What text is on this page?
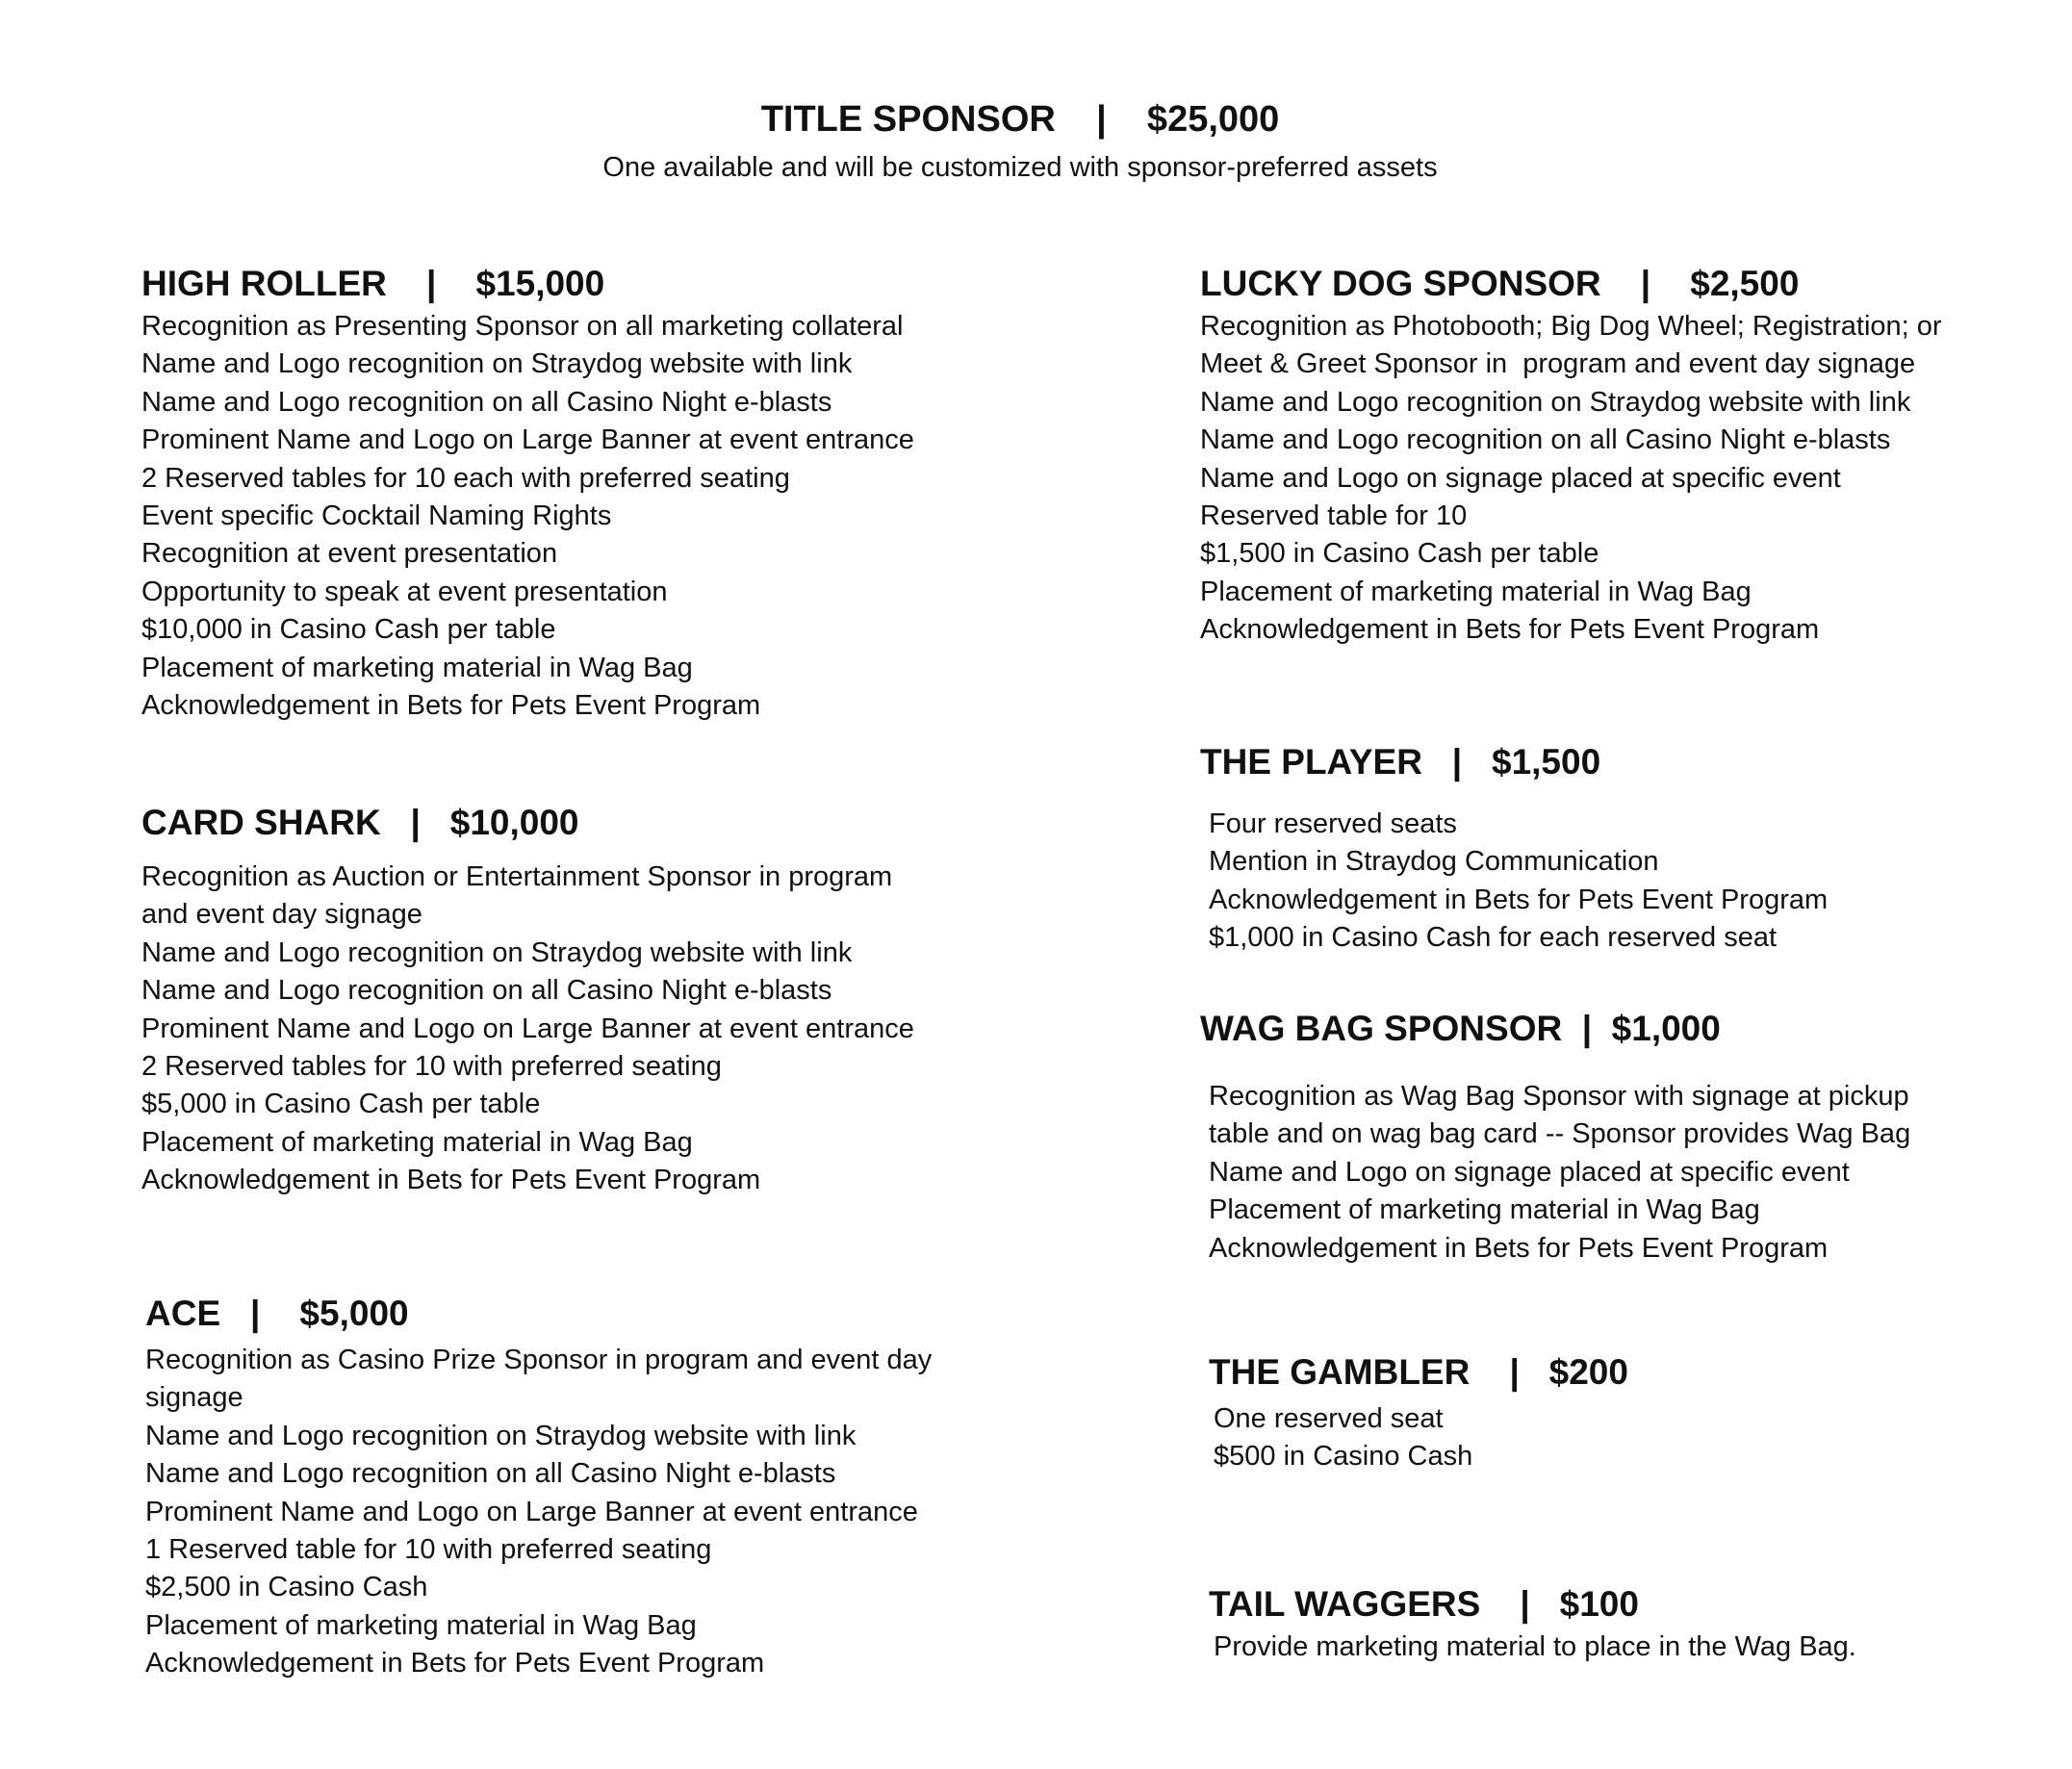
TITLE SPONSOR    |    $25,000
One available and will be customized with sponsor-preferred assets
HIGH ROLLER    |    $15,000
Recognition as Presenting Sponsor on all marketing collateral
Name and Logo recognition on Straydog website with link
Name and Logo recognition on all Casino Night e-blasts
Prominent Name and Logo on Large Banner at event entrance
2 Reserved tables for 10 each with preferred seating
Event specific Cocktail Naming Rights
Recognition at event presentation
Opportunity to speak at event presentation
$10,000 in Casino Cash per table
Placement of marketing material in Wag Bag
Acknowledgement in Bets for Pets Event Program
CARD SHARK   |   $10,000
Recognition as Auction or Entertainment Sponsor in program
and event day signage
Name and Logo recognition on Straydog website with link
Name and Logo recognition on all Casino Night e-blasts
Prominent Name and Logo on Large Banner at event entrance
2 Reserved tables for 10 with preferred seating
$5,000 in Casino Cash per table
Placement of marketing material in Wag Bag
Acknowledgement in Bets for Pets Event Program
ACE   |    $5,000
Recognition as Casino Prize Sponsor in program and event day
signage
Name and Logo recognition on Straydog website with link
Name and Logo recognition on all Casino Night e-blasts
Prominent Name and Logo on Large Banner at event entrance
1 Reserved table for 10 with preferred seating
$2,500 in Casino Cash
Placement of marketing material in Wag Bag
Acknowledgement in Bets for Pets Event Program
LUCKY DOG SPONSOR    |    $2,500
Recognition as Photobooth; Big Dog Wheel; Registration; or
Meet & Greet Sponsor in  program and event day signage
Name and Logo recognition on Straydog website with link
Name and Logo recognition on all Casino Night e-blasts
Name and Logo on signage placed at specific event
Reserved table for 10
$1,500 in Casino Cash per table
Placement of marketing material in Wag Bag
Acknowledgement in Bets for Pets Event Program
THE PLAYER   |   $1,500
Four reserved seats
Mention in Straydog Communication
Acknowledgement in Bets for Pets Event Program
$1,000 in Casino Cash for each reserved seat
WAG BAG SPONSOR  |  $1,000
Recognition as Wag Bag Sponsor with signage at pickup
table and on wag bag card -- Sponsor provides Wag Bag
Name and Logo on signage placed at specific event
Placement of marketing material in Wag Bag
Acknowledgement in Bets for Pets Event Program
THE GAMBLER    |   $200
One reserved seat
$500 in Casino Cash
TAIL WAGGERS    |   $100
Provide marketing material to place in the Wag Bag.
